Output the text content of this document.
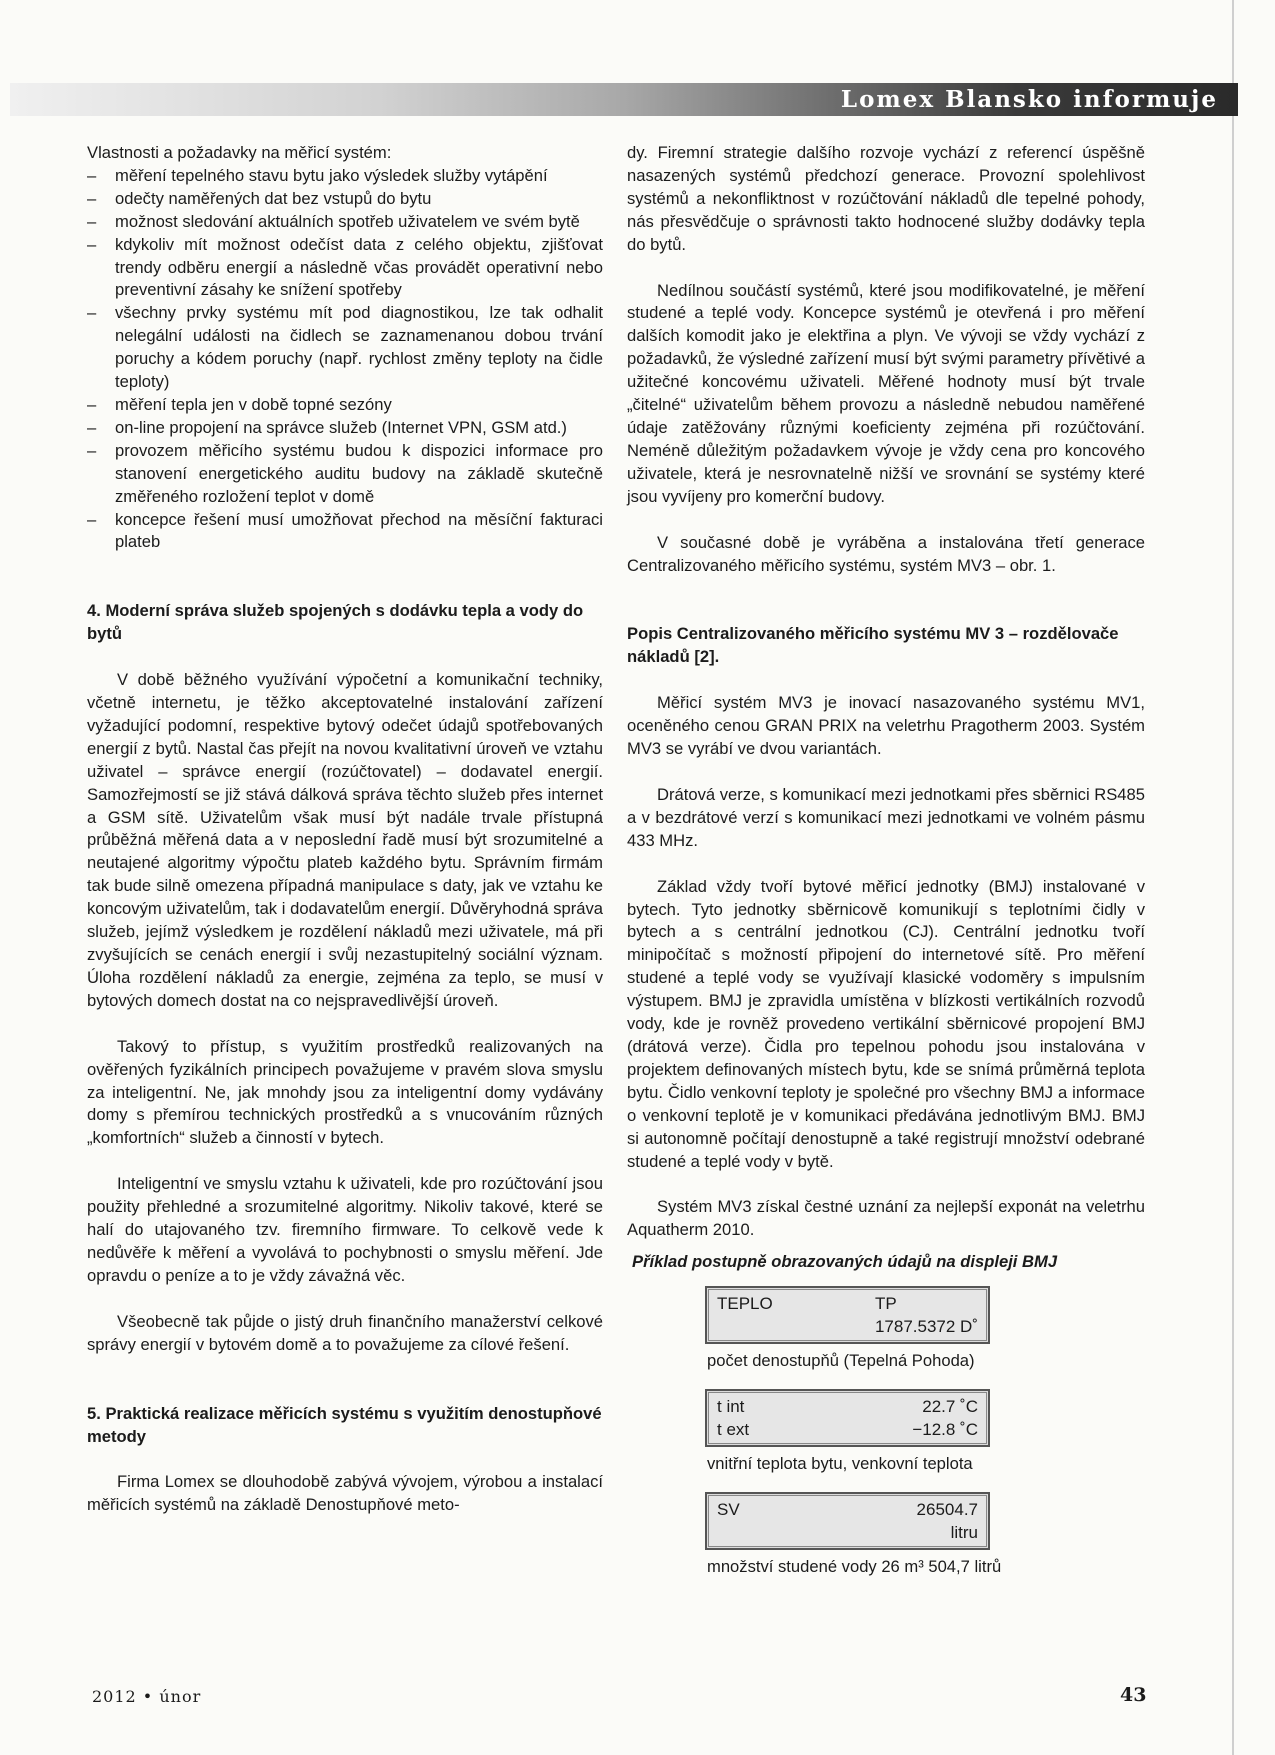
Lomex Blansko informuje

Vlastnosti a požadavky na měřicí systém:

– měření tepelného stavu bytu jako výsledek služby vytápění
– odečty naměřených dat bez vstupů do bytu
– možnost sledování aktuálních spotřeb uživatelem ve svém bytě
– kdykoliv mít možnost odečíst data z celého objektu, zjišťovat trendy odběru energií a následně včas provádět operativní nebo preventivní zásahy ke snížení spotřeby
– všechny prvky systému mít pod diagnostikou, lze tak odhalit nelegální události na čidlech se zaznamenanou dobou trvání poruchy a kódem poruchy (např. rychlost změny teploty na čidle teploty)
– měření tepla jen v době topné sezóny
– on-line propojení na správce služeb (Internet VPN, GSM atd.)
– provozem měřicího systému budou k dispozici informace pro stanovení energetického auditu budovy na základě skutečně změřeného rozložení teplot v domě
– koncepce řešení musí umožňovat přechod na měsíční fakturaci plateb
4. Moderní správa služeb spojených s dodávku tepla a vody do bytů

V době běžného využívání výpočetní a komunikační techniky, včetně internetu, je těžko akceptovatelné instalování zařízení vyžadující podomní, respektive bytový odečet údajů spotřebovaných energií z bytů. Nastal čas přejít na novou kvalitativní úroveň ve vztahu uživatel – správce energií (rozúčtovatel) – dodavatel energií. Samozřejmostí se již stává dálková správa těchto služeb přes internet a GSM sítě. Uživatelům však musí být nadále trvale přístupná průběžná měřená data a v neposlední řadě musí být srozumitelné a neutajené algoritmy výpočtu plateb každého bytu. Správním firmám tak bude silně omezena případná manipulace s daty, jak ve vztahu ke koncovým uživatelům, tak i dodavatelům energií. Důvěryhodná správa služeb, jejímž výsledkem je rozdělení nákladů mezi uživatele, má při zvyšujících se cenách energií i svůj nezastupitelný sociální význam. Úloha rozdělení nákladů za energie, zejména za teplo, se musí v bytových domech dostat na co nejspravedlivější úroveň.

Takový to přístup, s využitím prostředků realizovaných na ověřených fyzikálních principech považujeme v pravém slova smyslu za inteligentní. Ne, jak mnohdy jsou za inteligentní domy vydávány domy s přemírou technických prostředků a s vnucováním různých „komfortních“ služeb a činností v bytech.

Inteligentní ve smyslu vztahu k uživateli, kde pro rozúčtování jsou použity přehledné a srozumitelné algoritmy. Nikoliv takové, které se halí do utajovaného tzv. firemního firmware. To celkově vede k nedůvěře k měření a vyvolává to pochybnosti o smyslu měření. Jde opravdu o peníze a to je vždy závažná věc.

Všeobecně tak půjde o jistý druh finančního manažerství celkové správy energií v bytovém domě a to považujeme za cílové řešení.

5. Praktická realizace měřicích systému s využitím denostupňové metody

Firma Lomex se dlouhodobě zabývá vývojem, výrobou a instalací měřicích systémů na základě Denostupňové meto-

dy. Firemní strategie dalšího rozvoje vychází z referencí úspěšně nasazených systémů předchozí generace. Provozní spolehlivost systémů a nekonfliktnost v rozúčtování nákladů dle tepelné pohody, nás přesvědčuje o správnosti takto hodnocené služby dodávky tepla do bytů.

Nedílnou součástí systémů, které jsou modifikovatelné, je měření studené a teplé vody. Koncepce systémů je otevřená i pro měření dalších komodit jako je elektřina a plyn. Ve vývoji se vždy vychází z požadavků, že výsledné zařízení musí být svými parametry přívětivé a užitečné koncovému uživateli. Měřené hodnoty musí být trvale „čitelné“ uživatelům během provozu a následně nebudou naměřené údaje zatěžovány různými koeficienty zejména při rozúčtování. Neméně důležitým požadavkem vývoje je vždy cena pro koncového uživatele, která je nesrovnatelně nižší ve srovnání se systémy které jsou vyvíjeny pro komerční budovy.

V současné době je vyráběna a instalována třetí generace Centralizovaného měřicího systému, systém MV3 – obr. 1.

Popis Centralizovaného měřicího systému MV 3 – rozdělovače nákladů [2].

Měřicí systém MV3 je inovací nasazovaného systému MV1, oceněného cenou GRAN PRIX na veletrhu Pragotherm 2003. Systém MV3 se vyrábí ve dvou variantách.

Drátová verze, s komunikací mezi jednotkami přes sběrnici RS485 a v bezdrátové verzí s komunikací mezi jednotkami ve volném pásmu 433 MHz.

Základ vždy tvoří bytové měřicí jednotky (BMJ) instalované v bytech. Tyto jednotky sběrnicově komunikují s teplotními čidly v bytech a s centrální jednotkou (CJ). Centrální jednotku tvoří minipočítač s možností připojení do internetové sítě. Pro měření studené a teplé vody se využívají klasické vodoměry s impulsním výstupem. BMJ je zpravidla umístěna v blízkosti vertikálních rozvodů vody, kde je rovněž provedeno vertikální sběrnicové propojení BMJ (drátová verze). Čidla pro tepelnou pohodu jsou instalována v projektem definovaných místech bytu, kde se snímá průměrná teplota bytu. Čidlo venkovní teploty je společné pro všechny BMJ a informace o venkovní teplotě je v komunikaci předávána jednotlivým BMJ. BMJ si autonomně počítají denostupně a také registrují množství odebrané studené a teplé vody v bytě.

Systém MV3 získal čestné uznání za nejlepší exponát na veletrhu Aquatherm 2010.

Příklad postupně obrazovaných údajů na displeji BMJ
TEPLO	TP
1787.5372 D˚
počet denostupňů (Tepelná Pohoda)
t int	22.7 ˚C
t ext	−12.8 ˚C
vnitřní teplota bytu, venkovní teplota
SV	26504.7
litru
množství studené vody 26 m³ 504,7 litrů
2012 • únor	43
